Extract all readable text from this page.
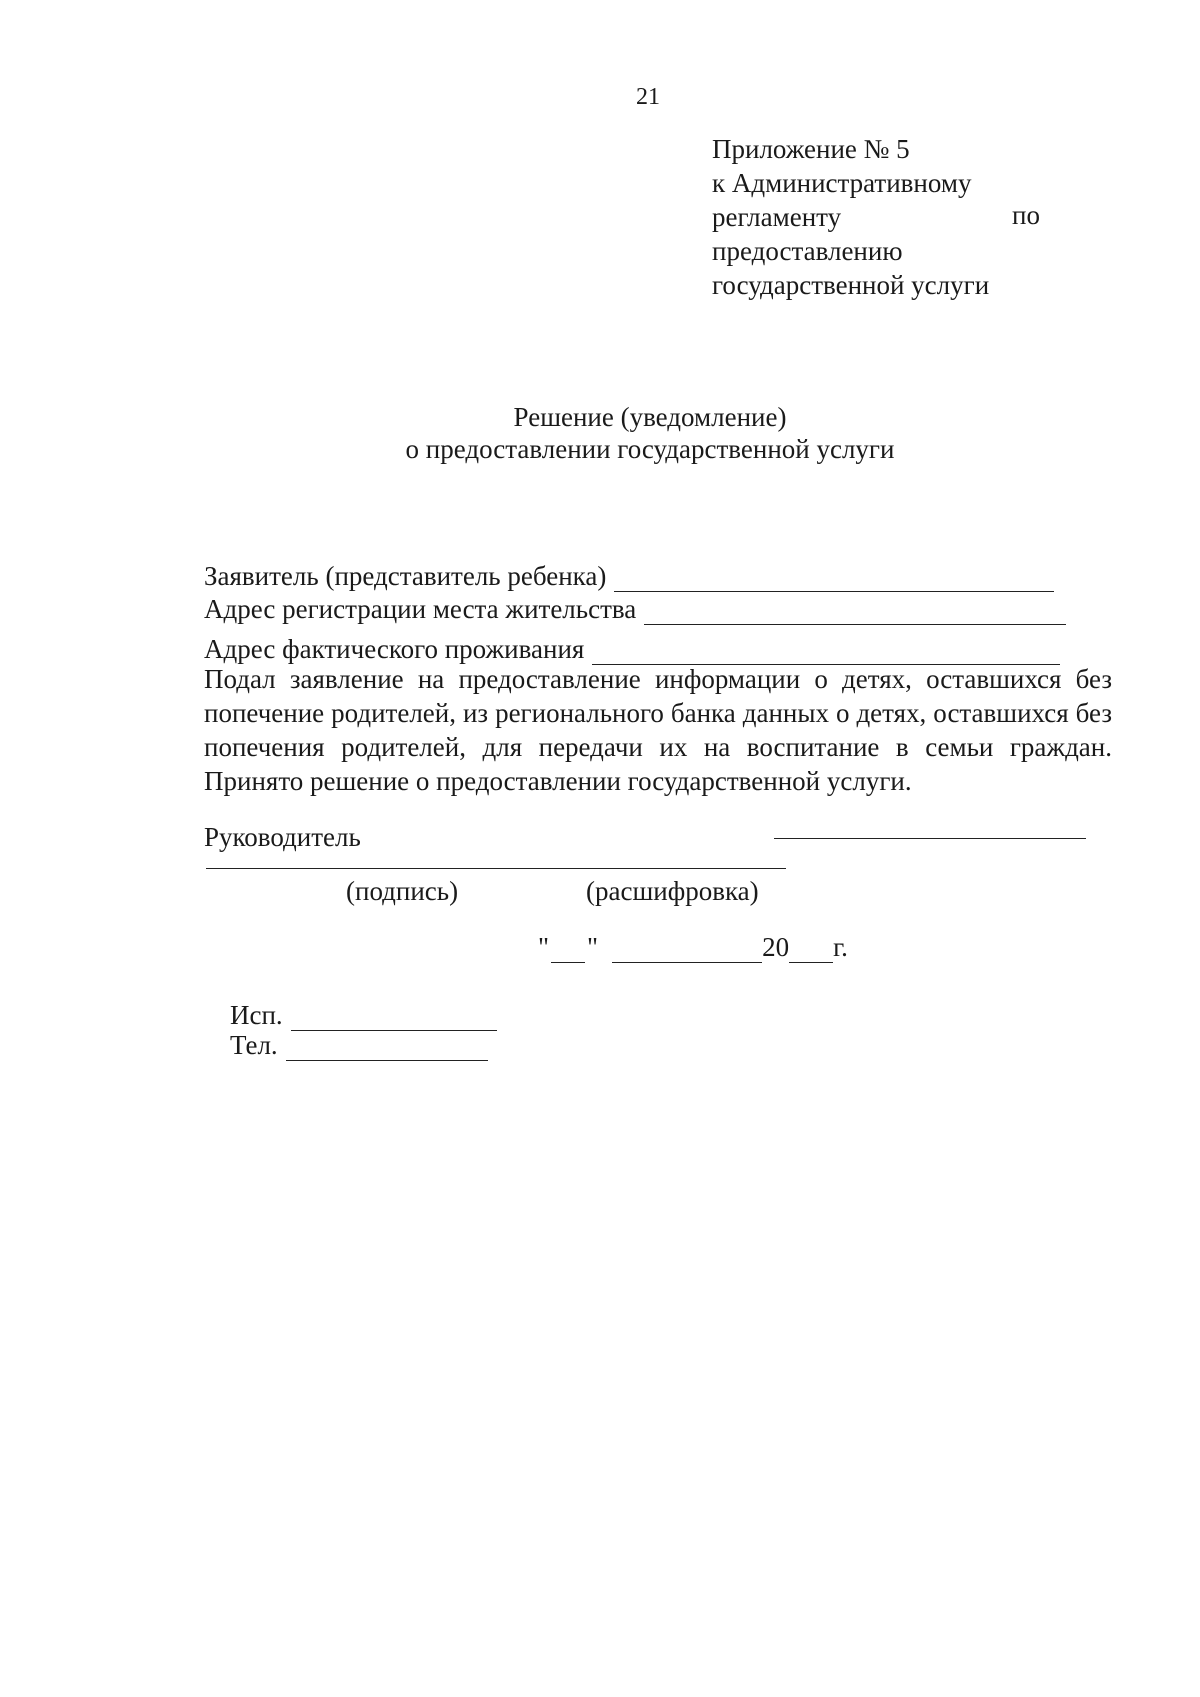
21
Приложение № 5
к Административному
регламенту	по
предоставлению
государственной услуги
Решение (уведомление)
о предоставлении государственной услуги
Заявитель (представитель ребенка)
Адрес регистрации места жительства
Адрес фактического проживания
Подал заявление на предоставление информации о детях, оставшихся без попечение родителей, из регионального банка данных о детях, оставшихся без попечения родителей, для передачи их на воспитание в семьи граждан. Принято решение о предоставлении государственной услуги.
Руководитель
(подпись)	(расшифровка)
" "	20 г.
Исп.
Тел.
